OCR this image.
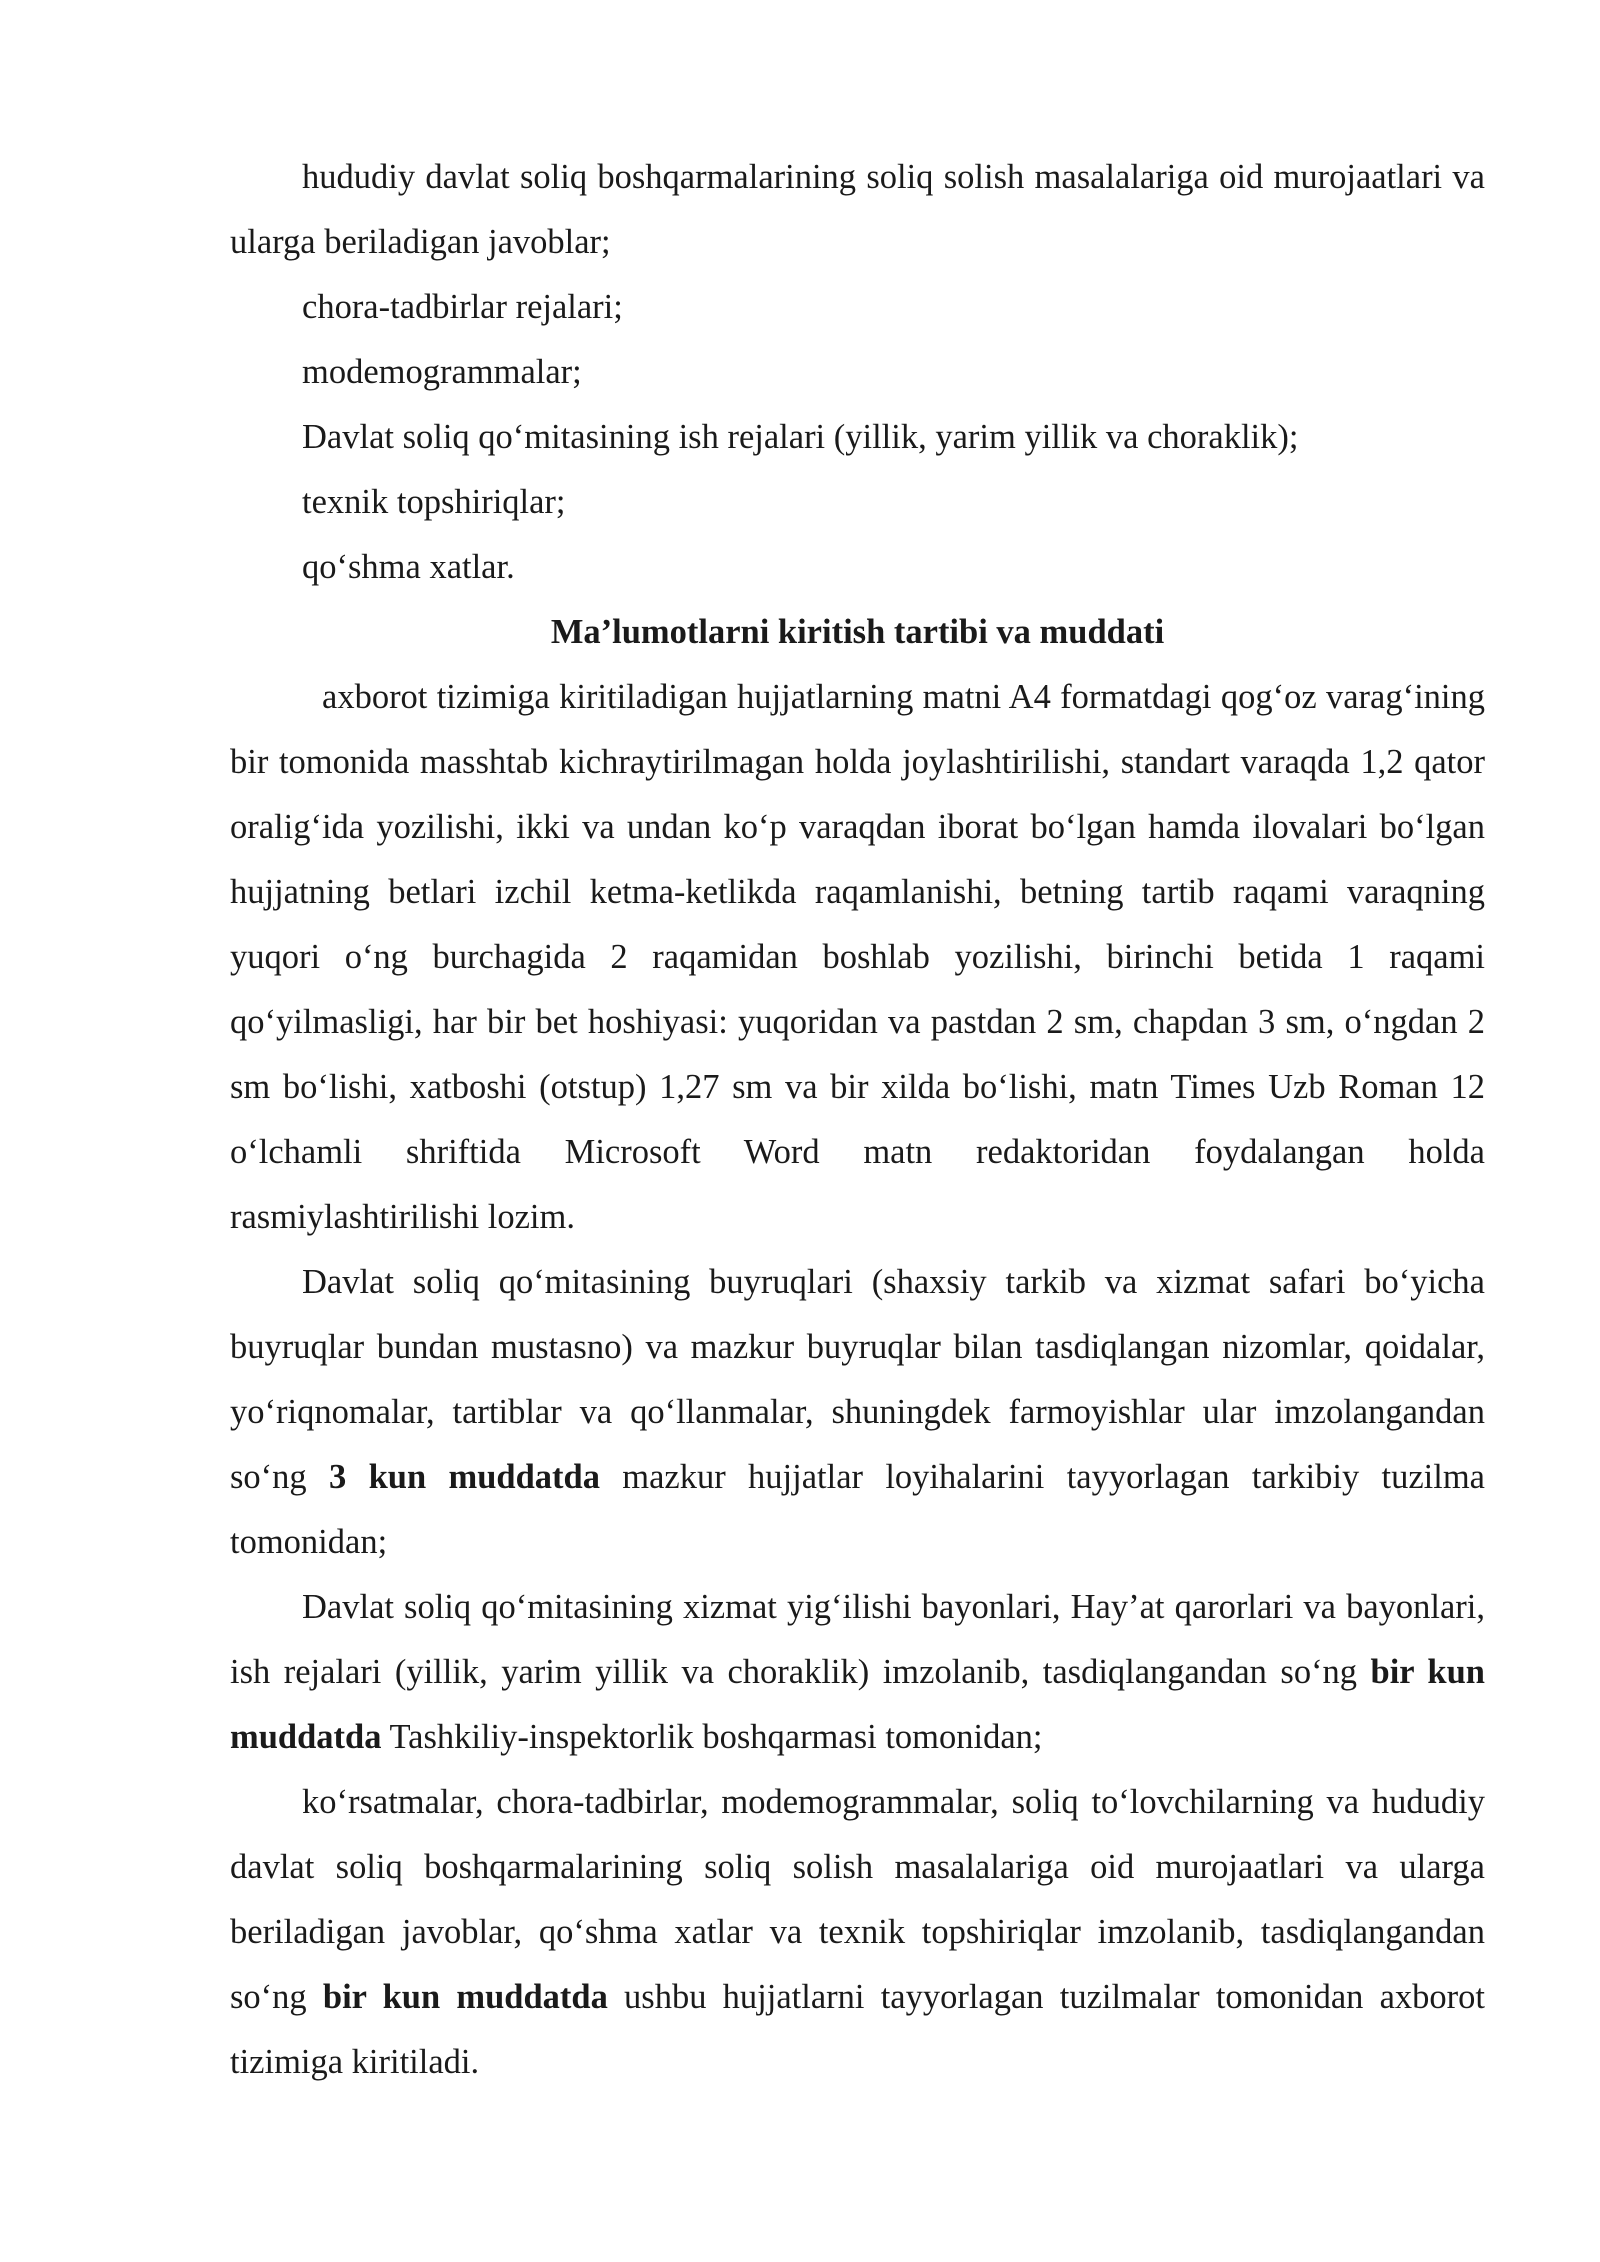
hududiy davlat soliq boshqarmalarining soliq solish masalalariga oid murojaatlari va ularga beriladigan javoblar;

chora-tadbirlar rejalari;

modemogrammalar;

Davlat soliq qo‘mitasining ish rejalari (yillik, yarim yillik va choraklik);

texnik topshiriqlar;

qo‘shma xatlar.

Ma’lumotlarni kiritish tartibi va muddati

axborot tizimiga kiritiladigan hujjatlarning matni A4 formatdagi qog‘oz varag‘ining bir tomonida masshtab kichraytirilmagan holda joylashtirilishi, standart varaqda 1,2 qator oralig‘ida yozilishi, ikki va undan ko‘p varaqdan iborat bo‘lgan hamda ilovalari bo‘lgan hujjatning betlari izchil ketma-ketlikda raqamlanishi, betning tartib raqami varaqning yuqori o‘ng burchagida 2 raqamidan boshlab yozilishi, birinchi betida 1 raqami qo‘yilmasligi, har bir bet hoshiyasi: yuqoridan va pastdan 2 sm, chapdan 3 sm, o‘ngdan 2 sm bo‘lishi, xatboshi (otstup) 1,27 sm va bir xilda bo‘lishi, matn Times Uzb Roman 12 o‘lchamli shriftida Microsoft Word matn redaktoridan foydalangan holda rasmiylashtirilishi lozim.

Davlat soliq qo‘mitasining buyruqlari (shaxsiy tarkib va xizmat safari bo‘yicha buyruqlar bundan mustasno) va mazkur buyruqlar bilan tasdiqlangan nizomlar, qoidalar, yo‘riqnomalar, tartiblar va qo‘llanmalar, shuningdek farmoyishlar ular imzolangandan so‘ng 3 kun muddatda mazkur hujjatlar loyihalarini tayyorlagan tarkibiy tuzilma tomonidan;

Davlat soliq qo‘mitasining xizmat yig‘ilishi bayonlari, Hay’at qarorlari va bayonlari, ish rejalari (yillik, yarim yillik va choraklik) imzolanib, tasdiqlangandan so‘ng bir kun muddatda Tashkiliy-inspektorlik boshqarmasi tomonidan;

ko‘rsatmalar, chora-tadbirlar, modemogrammalar, soliq to‘lovchilarning va hududiy davlat soliq boshqarmalarining soliq solish masalalariga oid murojaatlari va ularga beriladigan javoblar, qo‘shma xatlar va texnik topshiriqlar imzolanib, tasdiqlangandan so‘ng bir kun muddatda ushbu hujjatlarni tayyorlagan tuzilmalar tomonidan axborot tizimiga kiritiladi.
